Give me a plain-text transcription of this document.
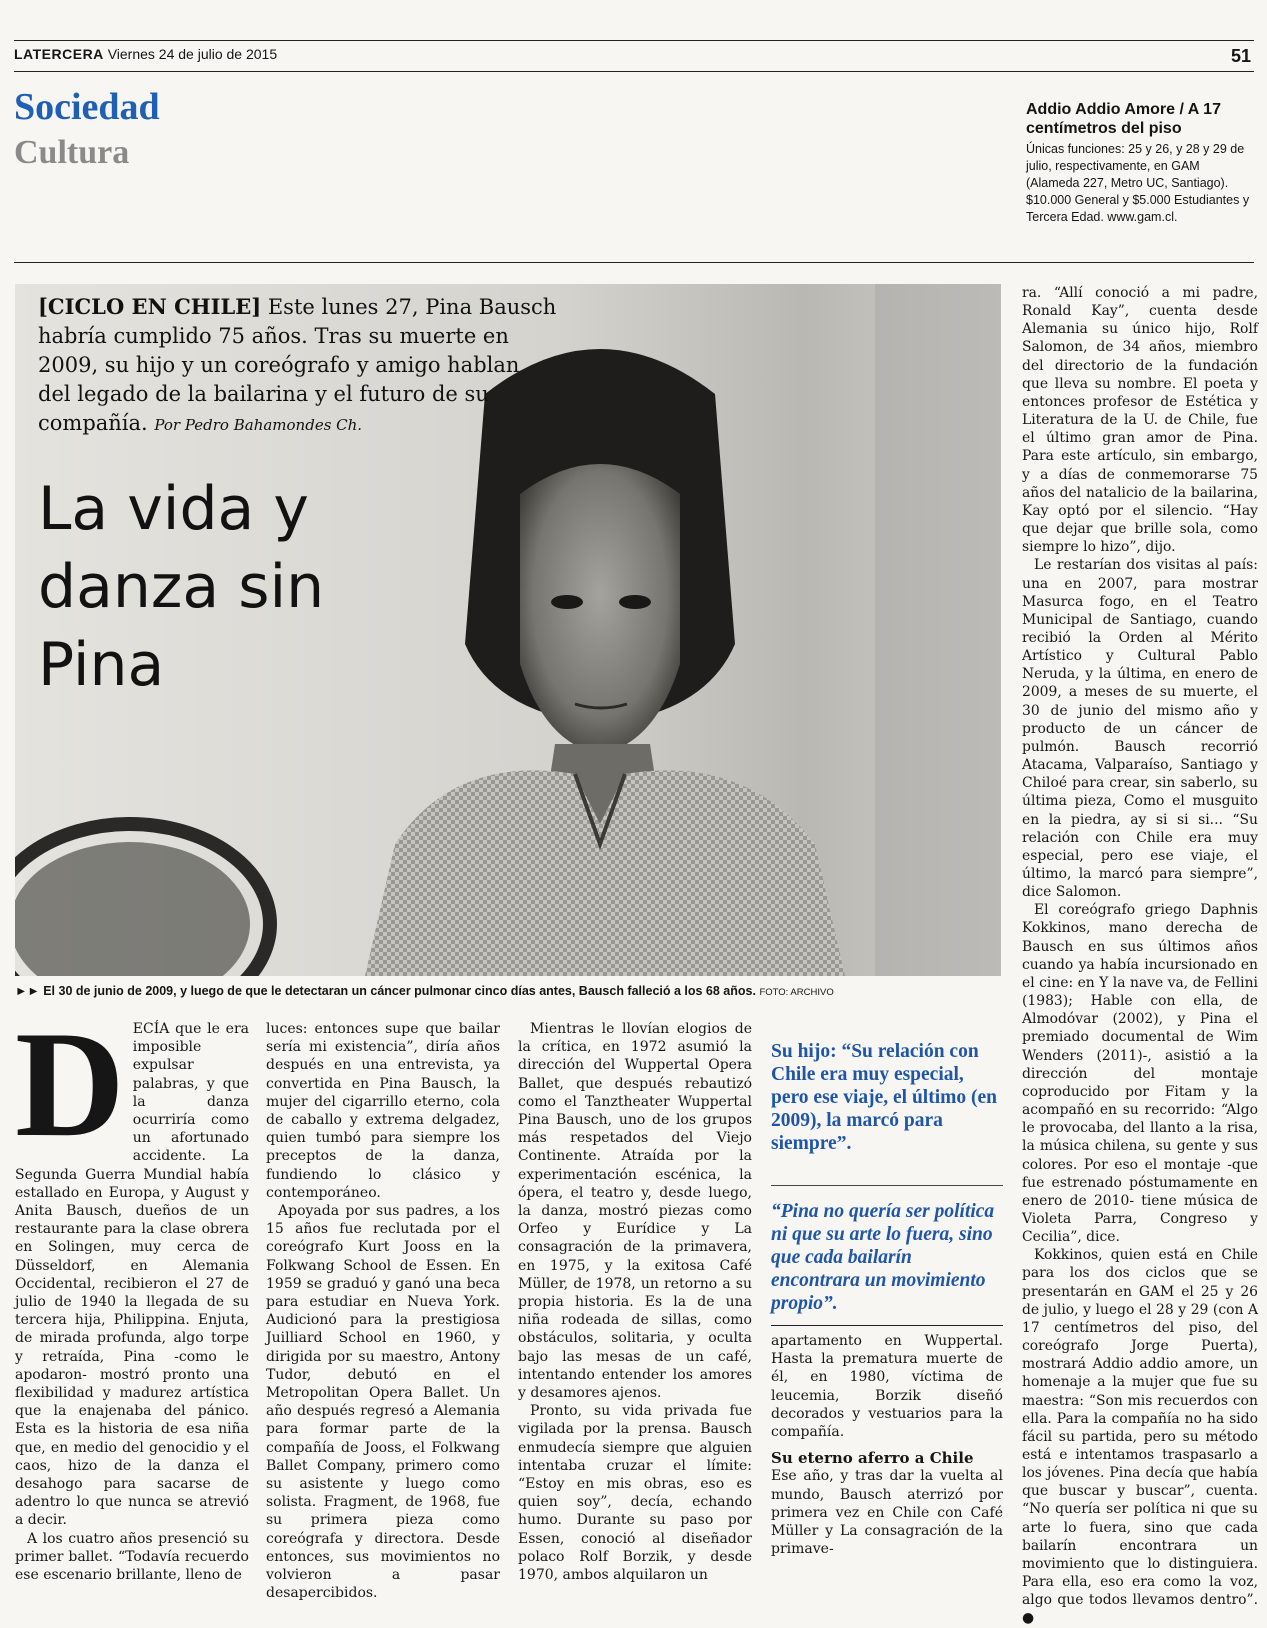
LATERCERA Viernes 24 de julio de 2015	51
Sociedad
Cultura
Addio Addio Amore / A 17 centímetros del piso
Únicas funciones: 25 y 26, y 28 y 29 de julio, respectivamente, en GAM (Alameda 227, Metro UC, Santiago). $10.000 General y $5.000 Estudiantes y Tercera Edad. www.gam.cl.
[CICLO EN CHILE] Este lunes 27, Pina Bausch habría cumplido 75 años. Tras su muerte en 2009, su hijo y un coreógrafo y amigo hablan del legado de la bailarina y el futuro de su compañía. Por Pedro Bahamondes Ch.
La vida y danza sin Pina
►► El 30 de junio de 2009, y luego de que le detectaran un cáncer pulmonar cinco días antes, Bausch falleció a los 68 años. FOTO: ARCHIVO
D ECÍA que le era imposible expulsar palabras, y que la danza ocurriría como un afortunado accidente. La Segunda Guerra Mundial había estallado en Europa, y August y Anita Bausch, dueños de un restaurante para la clase obrera en Solingen, muy cerca de Düsseldorf, en Alemania Occidental, recibieron el 27 de julio de 1940 la llegada de su tercera hija, Philippina. Enjuta, de mirada profunda, algo torpe y retraída, Pina -como le apodaron- mostró pronto una flexibilidad y madurez artística que la enajenaba del pánico. Esta es la historia de esa niña que, en medio del genocidio y el caos, hizo de la danza el desahogo para sacarse de adentro lo que nunca se atrevió a decir.

A los cuatro años presenció su primer ballet. “Todavía recuerdo ese escenario brillante, lleno de

luces: entonces supe que bailar sería mi existencia”, diría años después en una entrevista, ya convertida en Pina Bausch, la mujer del cigarrillo eterno, cola de caballo y extrema delgadez, quien tumbó para siempre los preceptos de la danza, fundiendo lo clásico y contemporáneo.

Apoyada por sus padres, a los 15 años fue reclutada por el coreógrafo Kurt Jooss en la Folkwang School de Essen. En 1959 se graduó y ganó una beca para estudiar en Nueva York. Audicionó para la prestigiosa Juilliard School en 1960, y dirigida por su maestro, Antony Tudor, debutó en el Metropolitan Opera Ballet. Un año después regresó a Alemania para formar parte de la compañía de Jooss, el Folkwang Ballet Company, primero como su asistente y luego como solista. Fragment, de 1968, fue su primera pieza como coreógrafa y directora. Desde entonces, sus movimientos no volvieron a pasar desapercibidos.

Mientras le llovían elogios de la crítica, en 1972 asumió la dirección del Wuppertal Opera Ballet, que después rebautizó como el Tanztheater Wuppertal Pina Bausch, uno de los grupos más respetados del Viejo Continente. Atraída por la experimentación escénica, la ópera, el teatro y, desde luego, la danza, mostró piezas como Orfeo y Eurídice y La consagración de la primavera, en 1975, y la exitosa Café Müller, de 1978, un retorno a su propia historia. Es la de una niña rodeada de sillas, como obstáculos, solitaria, y oculta bajo las mesas de un café, intentando entender los amores y desamores ajenos.

Pronto, su vida privada fue vigilada por la prensa. Bausch enmudecía siempre que alguien intentaba cruzar el límite: “Estoy en mis obras, eso es quien soy”, decía, echando humo. Durante su paso por Essen, conoció al diseñador polaco Rolf Borzik, y desde 1970, ambos alquilaron un

Su hijo: “Su relación con Chile era muy especial, pero ese viaje, el último (en 2009), la marcó para siempre”.
“Pina no quería ser política ni que su arte lo fuera, sino que cada bailarín encontrara un movimiento propio”.

apartamento en Wuppertal. Hasta la prematura muerte de él, en 1980, víctima de leucemia, Borzik diseñó decorados y vestuarios para la compañía.

Su eterno aferro a Chile

Ese año, y tras dar la vuelta al mundo, Bausch aterrizó por primera vez en Chile con Café Müller y La consagración de la primave-

ra. “Allí conoció a mi padre, Ronald Kay”, cuenta desde Alemania su único hijo, Rolf Salomon, de 34 años, miembro del directorio de la fundación que lleva su nombre. El poeta y entonces profesor de Estética y Literatura de la U. de Chile, fue el último gran amor de Pina. Para este artículo, sin embargo, y a días de conmemorarse 75 años del natalicio de la bailarina, Kay optó por el silencio. “Hay que dejar que brille sola, como siempre lo hizo”, dijo.

Le restarían dos visitas al país: una en 2007, para mostrar Masurca fogo, en el Teatro Municipal de Santiago, cuando recibió la Orden al Mérito Artístico y Cultural Pablo Neruda, y la última, en enero de 2009, a meses de su muerte, el 30 de junio del mismo año y producto de un cáncer de pulmón. Bausch recorrió Atacama, Valparaíso, Santiago y Chiloé para crear, sin saberlo, su última pieza, Como el musguito en la piedra, ay si si si... “Su relación con Chile era muy especial, pero ese viaje, el último, la marcó para siempre”, dice Salomon.

El coreógrafo griego Daphnis Kokkinos, mano derecha de Bausch en sus últimos años cuando ya había incursionado en el cine: en Y la nave va, de Fellini (1983); Hable con ella, de Almodóvar (2002), y Pina el premiado documental de Wim Wenders (2011)-, asistió a la dirección del montaje coproducido por Fitam y la acompañó en su recorrido: “Algo le provocaba, del llanto a la risa, la música chilena, su gente y sus colores. Por eso el montaje -que fue estrenado póstumamente en enero de 2010- tiene música de Violeta Parra, Congreso y Cecilia”, dice.

Kokkinos, quien está en Chile para los dos ciclos que se presentarán en GAM el 25 y 26 de julio, y luego el 28 y 29 (con A 17 centímetros del piso, del coreógrafo Jorge Puerta), mostrará Addio addio amore, un homenaje a la mujer que fue su maestra: “Son mis recuerdos con ella. Para la compañía no ha sido fácil su partida, pero su método está e intentamos traspasarlo a los jóvenes. Pina decía que había que buscar y buscar”, cuenta. “No quería ser política ni que su arte lo fuera, sino que cada bailarín encontrara un movimiento que lo distinguiera. Para ella, eso era como la voz, algo que todos llevamos dentro”. ●
